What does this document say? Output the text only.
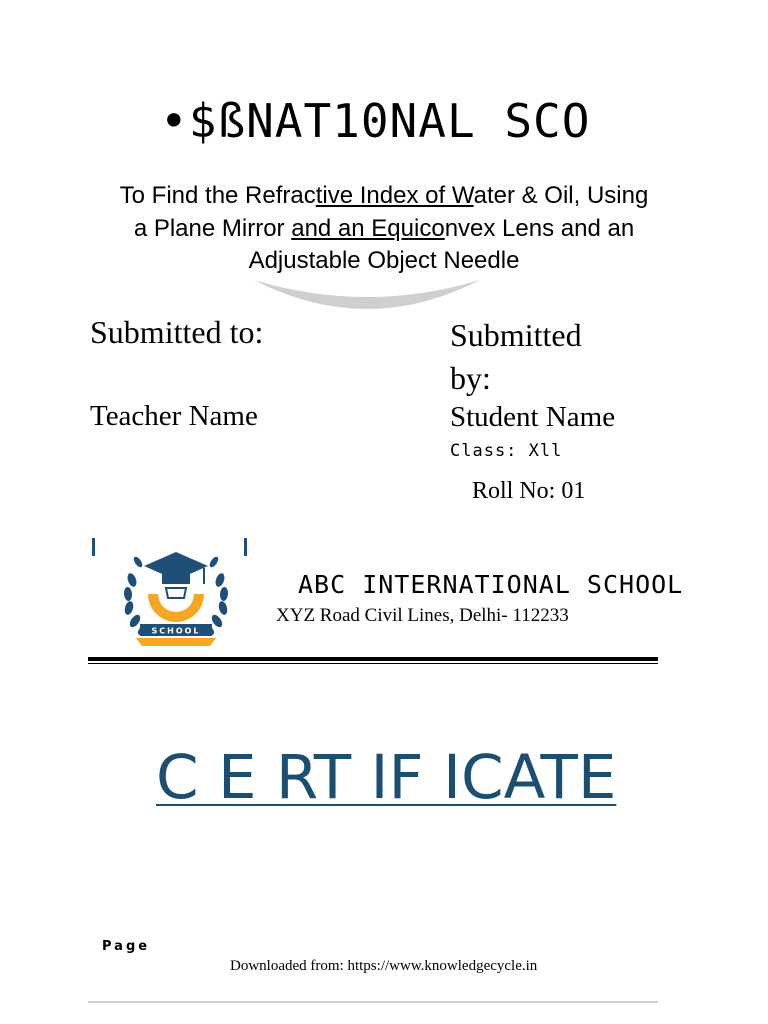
•$ßNAT10NAL SCO
To Find the Refractive Index of Water & Oil, Using
a Plane Mirror and an Equiconvex Lens and an
Adjustable Object Needle
Submitted to:
Teacher Name
Submitted by:
Student Name
Class: Xll
Roll No: 01
SCHOOL
ABC INTERNATIONAL SCHOOL
XYZ Road Civil Lines, Delhi- 112233
C E RT IF ICATE
Page
Downloaded from: https://www.knowledgecycle.in
